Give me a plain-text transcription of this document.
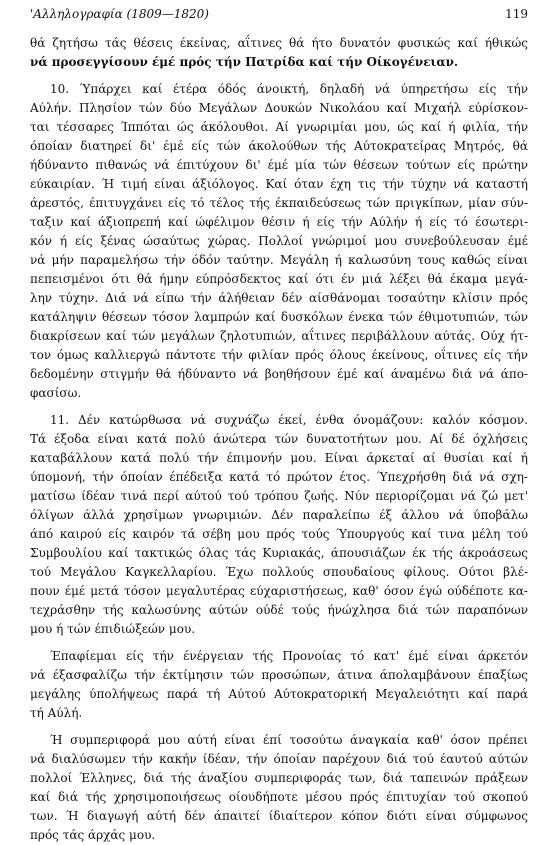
'Αλληλογραφία (1809—1820)	119
θά ζητήσω τάς θέσεις έκείνας, αΐτινες θά ήτο δυνατόν φυσικώς καί ήθικώς
νά προσεγγίσουν έμέ πρός τήν Πατρίδα καί τήν Οίκογένειαν.
10. Ύπάρχει καί έτέρα όδός άνοικτή, δηλαδή νά ύπηρετήσω είς τήν
Αύλήν. Πλησίον τών δύο Μεγάλων Δουκών Νικολάου καί Μιχαήλ εύρίσκον-
ται τέσσαρες Ίππόται ώς άκόλουθοι. Αί γνωριμίαι μου, ώς καί ή φιλία, τήν
όποίαν διατηρεί δι' έμέ είς τών άκολούθων τής Αύτοκρατείρας Μητρός, θά
ήδύναντο πιθανώς νά έπιτύχουν δι' έμέ μία τών θέσεων τούτων είς πρώτην
εύκαιρίαν. Ή τιμή είναι άξιόλογος. Καί όταν έχη τις τήν τύχην νά καταστή
άρεστός, έπιτυγχάνει είς τό τέλος τής έκπαιδεύσεως τών πριγκίπων, μίαν σύν-
ταξιν καί άξιοπρεπή καί ώφέλιμον θέσιν ή είς τήν Αύλήν ή είς τό έσωτερι-
κόν ή είς ξένας ώσαύτως χώρας. Πολλοί γνώριμοί μου συνεβούλευσαν έμέ
νά μήν παραμελήσω τήν όδόν ταύτην. Μεγάλη ή καλωσύνη τους καθώς είναι
πεπεισμένοι ότι θά ήμην εύπρόσδεκτος καί ότι έν μιά λέξει θά έκαμα μεγά-
λην τύχην. Διά νά είπω τήν άλήθειαν δέν αίσθάνομαι τοσαύτην κλίσιν πρός
κατάληψιν θέσεων τόσον λαμπρών καί δυσκόλων ένεκα τών έθιμοτυπιών, τών
διακρίσεων καί τών μεγάλων ζηλοτυπιών, αΐτινες περιβάλλουν αύτάς. Ούχ ήτ-
τον όμως καλλιεργώ πάντοτε τήν φιλίαν πρός όλους έκείνους, οΐτινες είς τήν
δεδομένην στιγμήν θά ήδύναντο νά βοηθήσουν έμέ καί άναμένω διά νά άπο-
φασίσω.
11. Δέν κατώρθωσα νά συχνάζω έκεί, ένθα όνομάζουν: καλόν κόσμον.
Τά έξοδα είναι κατά πολύ άνώτερα τών δυνατοτήτων μου. Αί δέ όχλήσεις
καταβάλλουν κατά πολύ τήν έπιμονήν μου. Είναι άρκεταί αί θυσίαι καί ή
ύπομονή, τήν όποίαν έπέδειξα κατά τό πρώτον έτος. Ύπεχρήσθη διά νά σχη-
ματίσω ίδέαν τινά περί αύτού τού τρόπου ζωής. Νύν περιορίζομαι νά ζώ μετ'
όλίγων άλλά χρησίμων γνωριμιών. Δέν παραλείπω έξ άλλου νά ύποβάλω
άπό καιρού είς καιρόν τά σέβη μου πρός τούς Ύπουργούς καί τινα μέλη τού
Συμβουλίου καί τακτικώς όλας τάς Κυριακάς, άπουσιάζων έκ τής άκροάσεως
τού Μεγάλου Καγκελλαρίου. Έχω πολλούς σπουδαίους φίλους. Ούτοι βλέ-
πουν έμέ μετά τόσον μεγαλυτέρας εύχαριστήσεως, καθ' όσον έγώ ούδέποτε κα-
τεχράσθην τής καλωσύνης αύτών ούδέ τούς ήνώχλησα διά τών παραπόνων
μου ή τών έπιδιώξεών μου.
Έπαφίεμαι είς τήν ένέργειαν τής Προνοίας τό κατ' έμέ είναι άρκετόν
νά έξασφαλίζω τήν έκτίμησιν τών προσώπων, άτινα άπολαμβάνουν έπαξίως
μεγάλης ύπολήψεως παρά τή Αύτού Αύτοκρατορική Μεγαλειότητι καί παρά
τή Αύλή.
Ή συμπεριφορά μου αύτή είναι έπί τοσούτω άναγκαία καθ' όσον πρέπει
νά διαλύσωμεν τήν κακήν ίδέαν, τήν όποίαν παρέχουν διά τού έαυτού αύτών
πολλοί Έλληνες, διά τής άναξίου συμπεριφοράς των, διά ταπεινών πράξεων
καί διά τής χρησιμοποιήσεως οίουδήποτε μέσου πρός έπιτυχίαν τού σκοπού
των. Ή διαγωγή αύτή δέν άπαιτεί ίδιαίτερον κόπον διότι είναι σύμφωνος
πρός τάς άρχάς μου.
